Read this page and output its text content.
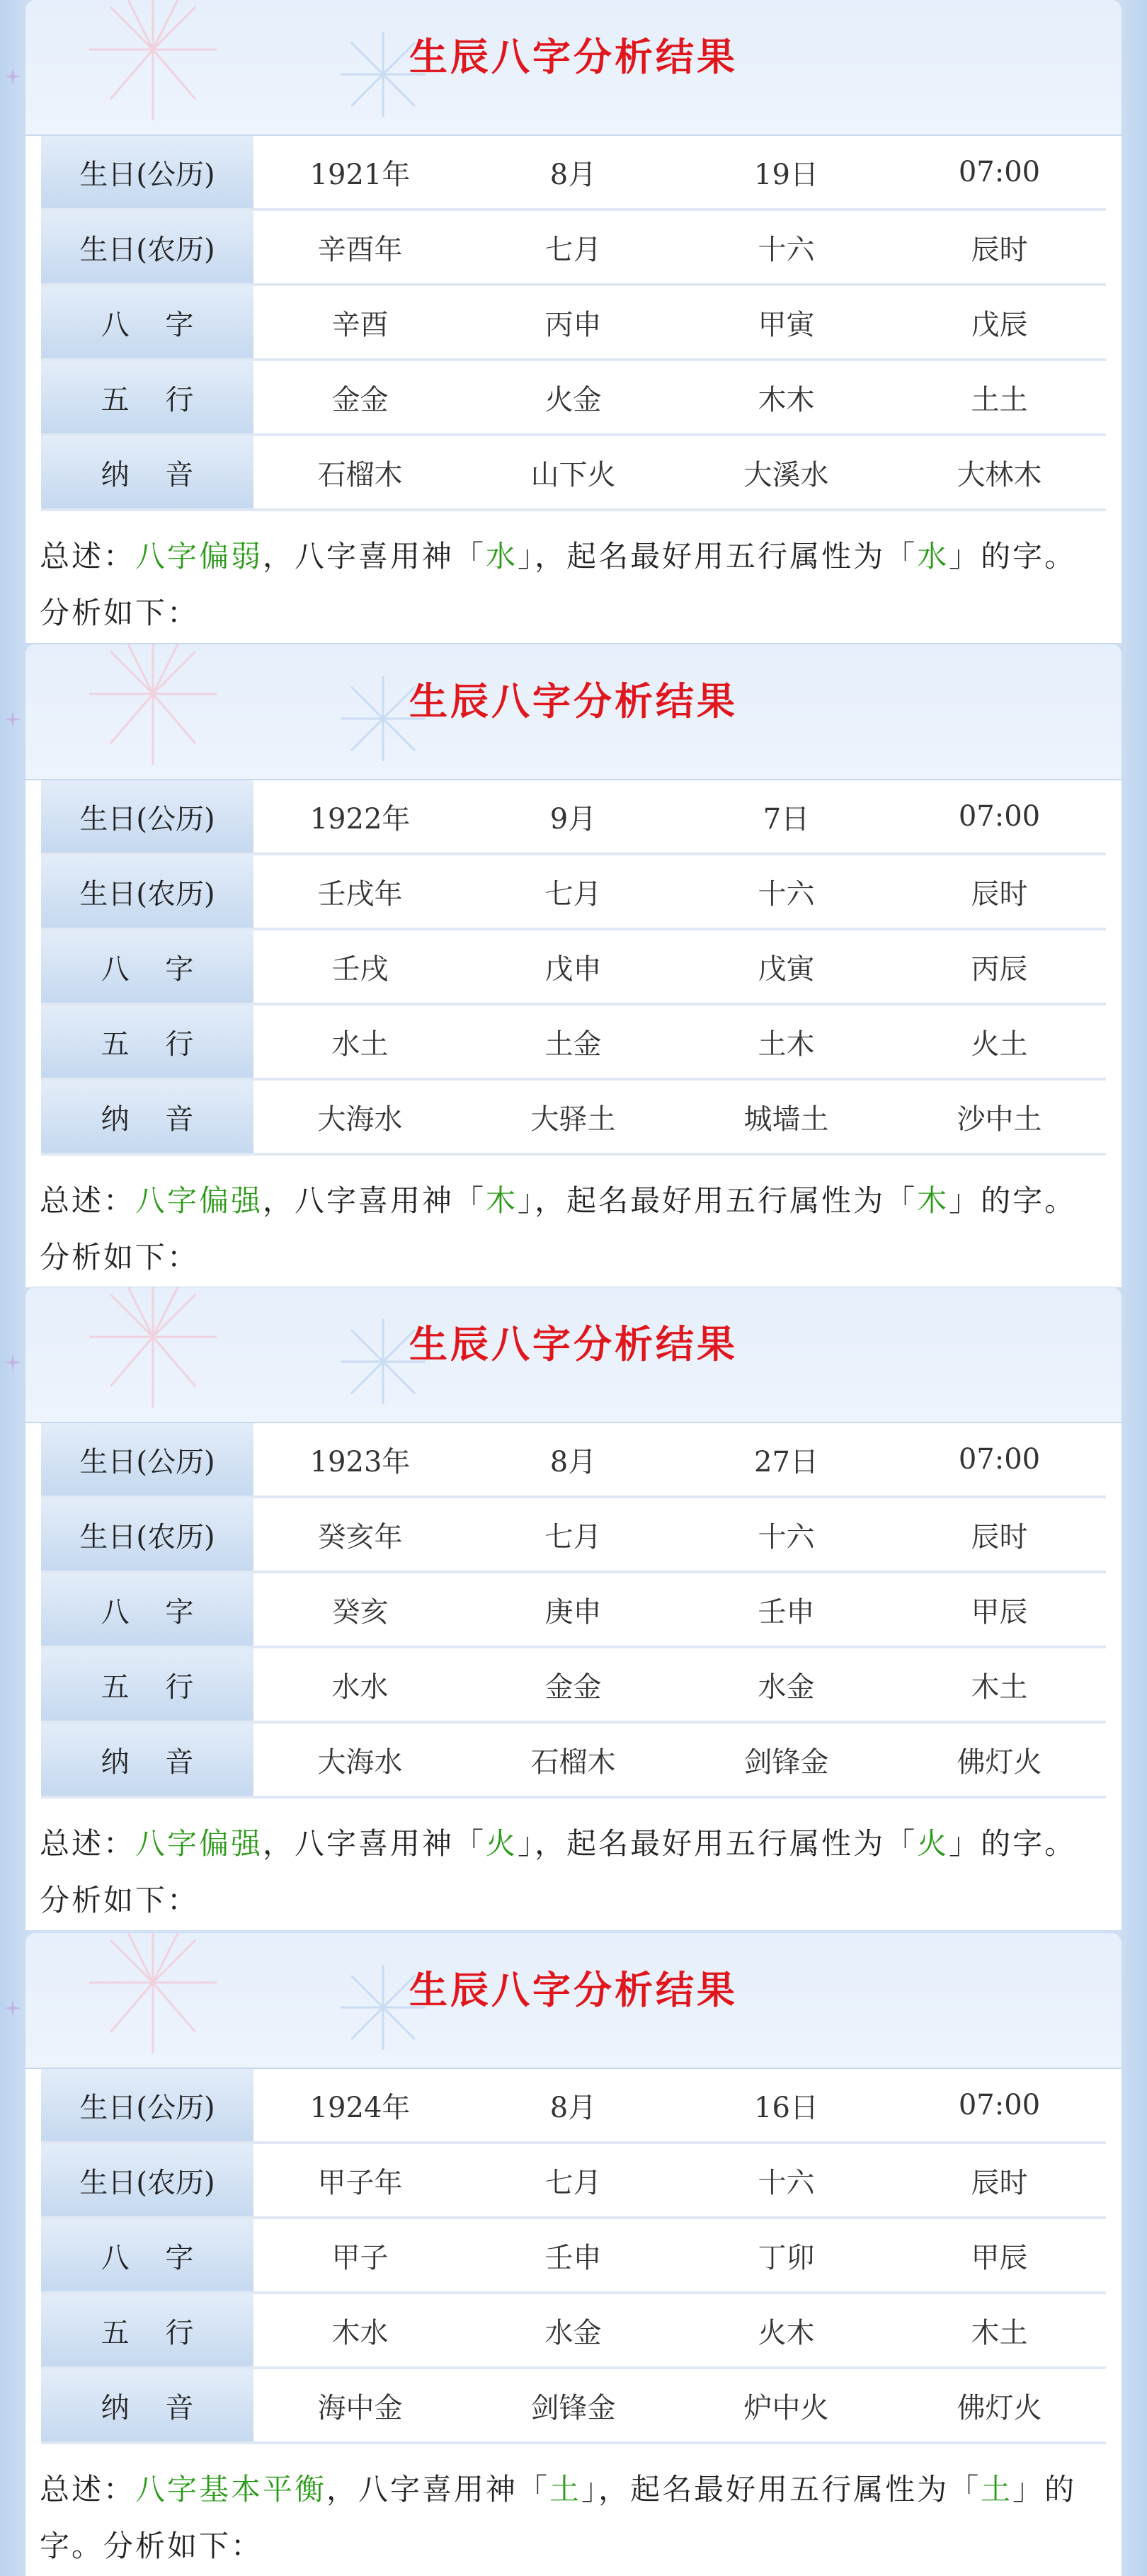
生辰八字分析结果
生日(公历)	1921年	8月	19日	07:00
生日(农历)	辛酉年	七月	十六	辰时
八    字	辛酉	丙申	甲寅	戊辰
五    行	金金	火金	木木	土土
纳    音	石榴木	山下火	大溪水	大林木
总述：八字偏弱，八字喜用神「水」，起名最好用五行属性为「水」的字。分析如下：
生辰八字分析结果
生日(公历)	1922年	9月	7日	07:00
生日(农历)	壬戌年	七月	十六	辰时
八    字	壬戌	戊申	戊寅	丙辰
五    行	水土	土金	土木	火土
纳    音	大海水	大驿土	城墙土	沙中土
总述：八字偏强，八字喜用神「木」，起名最好用五行属性为「木」的字。分析如下：
生辰八字分析结果
生日(公历)	1923年	8月	27日	07:00
生日(农历)	癸亥年	七月	十六	辰时
八    字	癸亥	庚申	壬申	甲辰
五    行	水水	金金	水金	木土
纳    音	大海水	石榴木	剑锋金	佛灯火
总述：八字偏强，八字喜用神「火」，起名最好用五行属性为「火」的字。分析如下：
生辰八字分析结果
生日(公历)	1924年	8月	16日	07:00
生日(农历)	甲子年	七月	十六	辰时
八    字	甲子	壬申	丁卯	甲辰
五    行	木水	水金	火木	木土
纳    音	海中金	剑锋金	炉中火	佛灯火
总述：八字基本平衡，八字喜用神「土」，起名最好用五行属性为「土」的字。分析如下：
